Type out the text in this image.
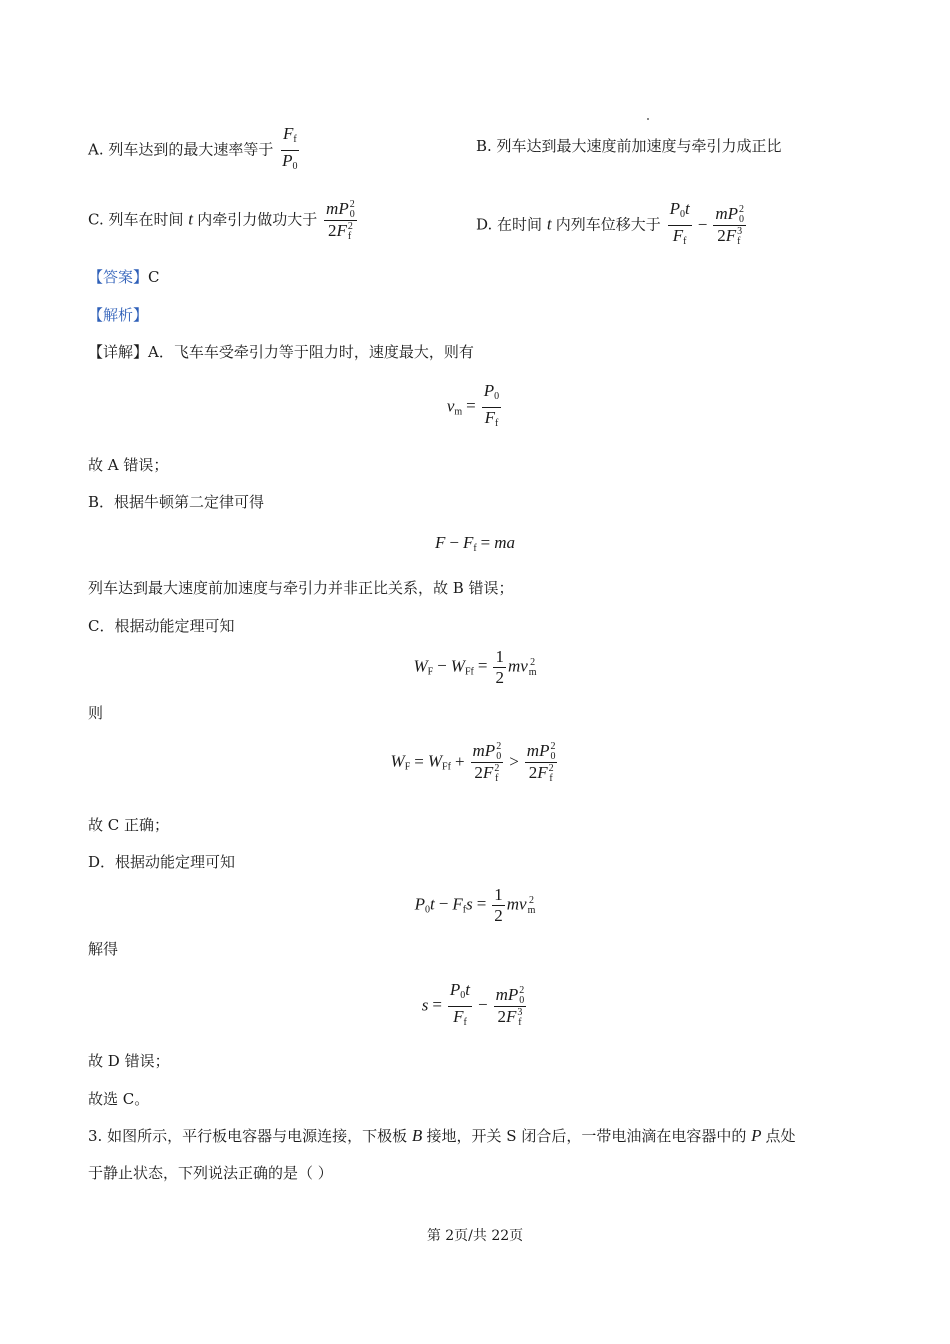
A. 列车达到的最大速率等于 $\frac{F_f}{P_0}$	B. 列车达到最大速度前加速度与牵引力成正比
C. 列车在时间 t 内牵引力做功大于 mP 2
0
2F 2
f	D. 在时间 t 内列车位移大于 $\frac{P_0t}{F_f}$ − mP 2
0
2F 3
f
【答案】C
【解析】
【详解】A．飞车车受牵引力等于阻力时，速度最大，则有
$v_m = \frac{P_0}{F_f}$
故 A 错误；
B．根据牛顿第二定律可得
$F - F_f$ = ma
列车达到最大速度前加速度与牵引力并非正比关系，故 B 错误；
C．根据动能定理可知
$W_F - W_{Ff} = \frac{1}{2}$ mv 2
m
则
$W_F = W_{Ff}$ + mP 2
0
2F 2
f > mP 2
0
2F 2
f
故 C 正确；
D．根据动能定理可知
$P_0t - F_fs = \frac{1}{2}$ mv 2
m
解得
$s = \frac{P_0t}{F_f}$ − mP 2
0
2F 3
f
故 D 错误；
故选 C。
3. 如图所示，平行板电容器与电源连接，下极板 B 接地，开关 S 闭合后，一带电油滴在电容器中的 P 点处
于静止状态，下列说法正确的是（ ）
第 2页/共 22页
